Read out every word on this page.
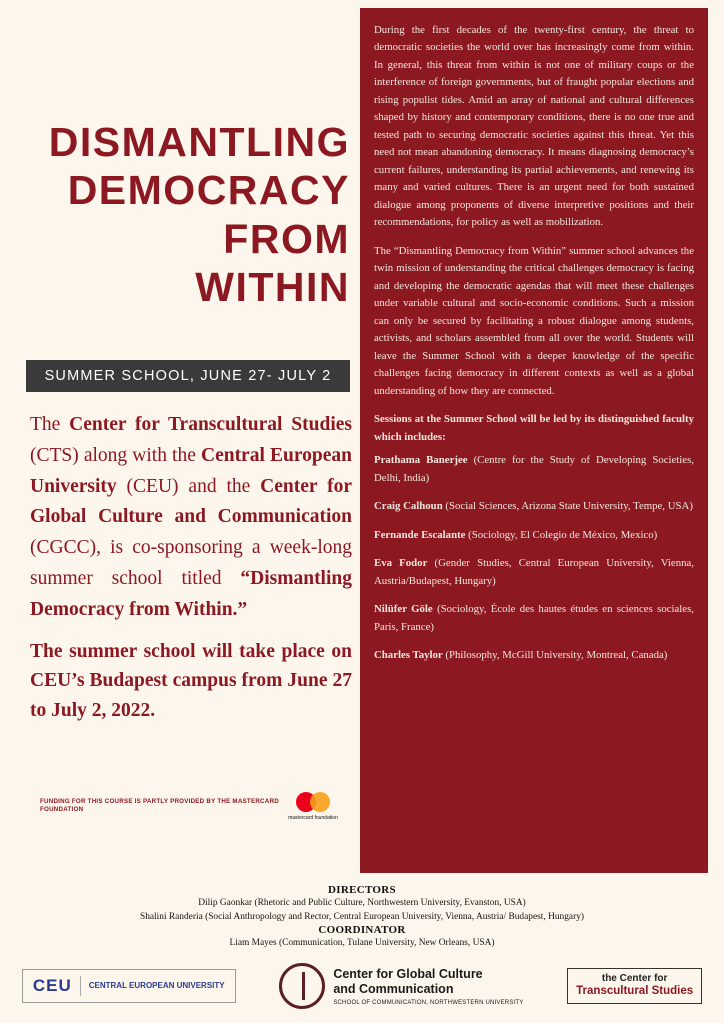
DISMANTLING
DEMOCRACY
FROM
WITHIN
SUMMER SCHOOL, JUNE 27- JULY 2
The Center for Transcultural Studies (CTS) along with the Central European University (CEU) and the Center for Global Culture and Communication (CGCC), is co-sponsoring a week-long summer school titled “Dismantling Democracy from Within.”
The summer school will take place on CEU’s Budapest campus from June 27 to July 2, 2022.
FUNDING FOR THIS COURSE IS PARTLY PROVIDED BY THE MASTERCARD FOUNDATION
mastercard foundation

During the first decades of the twenty-first century, the threat to democratic societies the world over has increasingly come from within. In general, this threat from within is not one of military coups or the interference of foreign governments, but of fraught popular elections and rising populist tides. Amid an array of national and cultural differences shaped by history and contemporary conditions, there is no one true and tested path to securing democratic societies against this threat. Yet this need not mean abandoning democracy. It means diagnosing democracy’s current failures, understanding its partial achievements, and renewing its many and varied cultures. There is an urgent need for both sustained dialogue among proponents of diverse interpretive positions and their recommendations, for policy as well as mobilization.

The “Dismantling Democracy from Within” summer school advances the twin mission of understanding the critical challenges democracy is facing and developing the democratic agendas that will meet these challenges under variable cultural and socio-economic conditions. Such a mission can only be secured by facilitating a robust dialogue among students, activists, and scholars assembled from all over the world. Students will leave the Summer School with a deeper knowledge of the specific challenges facing democracy in different contexts as well as a global understanding of how they are connected.

Sessions at the Summer School will be led by its distinguished faculty which includes:

Prathama Banerjee (Centre for the Study of Developing Societies, Delhi, India)

Craig Calhoun (Social Sciences, Arizona State University, Tempe, USA)

Fernande Escalante (Sociology, El Colegio de México, Mexico)

Eva Fodor (Gender Studies, Central European University, Vienna, Austria/Budapest, Hungary)

Nilüfer Göle (Sociology, École des hautes études en sciences sociales, Paris, France)

Charles Taylor (Philosophy, McGill University, Montreal, Canada)

DIRECTORS
Dilip Gaonkar (Rhetoric and Public Culture, Northwestern University, Evanston, USA)
Shalini Randeria (Social Anthropology and Rector, Central European University, Vienna, Austria/ Budapest, Hungary)
COORDINATOR
Liam Mayes (Communication, Tulane University, New Orleans, USA)
CEU	CENTRAL EUROPEAN UNIVERSITY
Center for Global Culture
and Communication
SCHOOL OF COMMUNICATION, NORTHWESTERN UNIVERSITY
the Center for
Transcultural Studies
